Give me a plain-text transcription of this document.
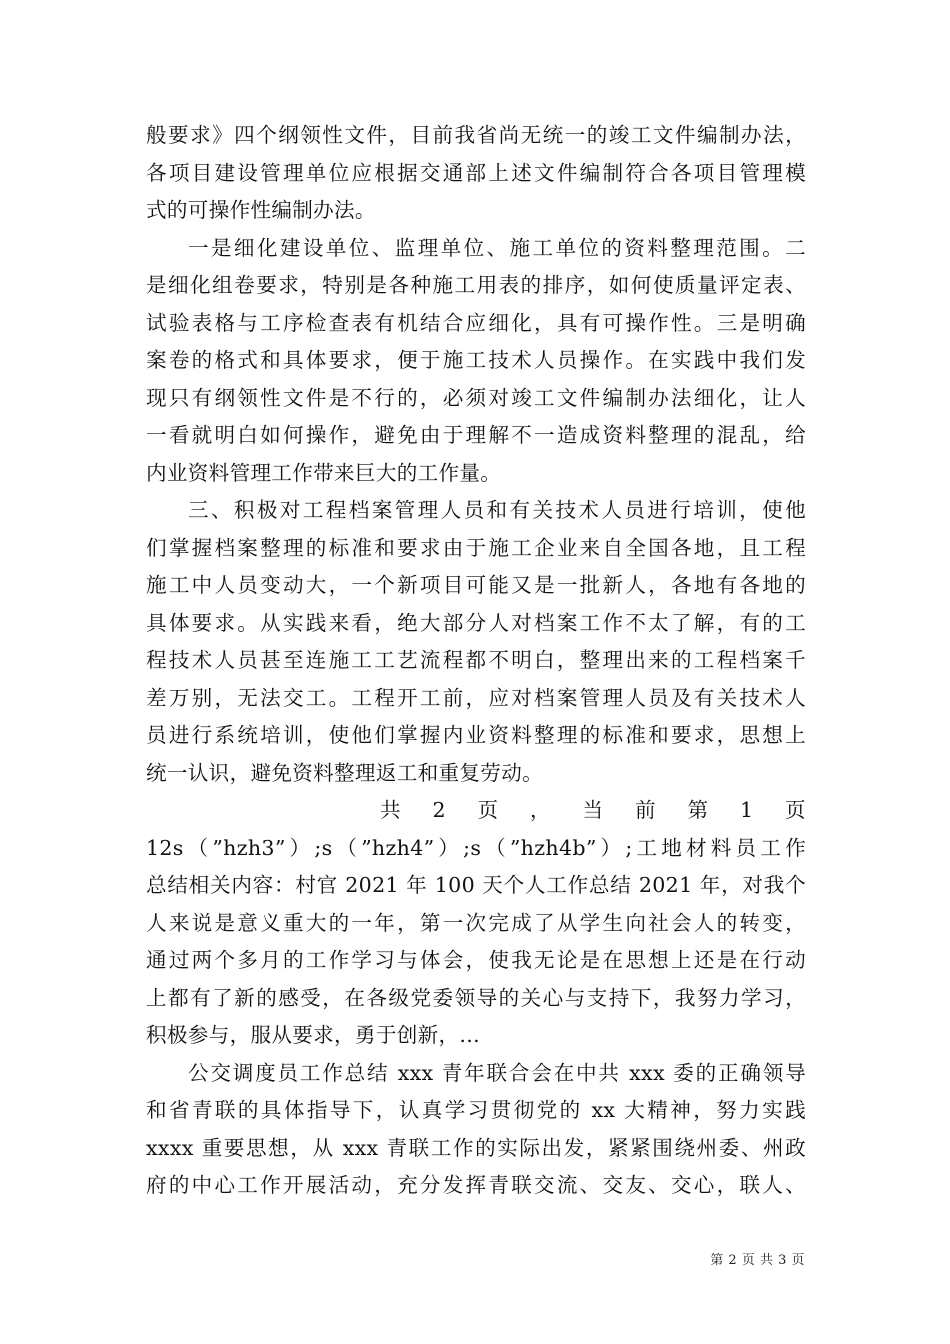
般要求》四个纲领性文件，目前我省尚无统一的竣工文件编制办法，
各项目建设管理单位应根据交通部上述文件编制符合各项目管理模
式的可操作性编制办法。
一是细化建设单位、监理单位、施工单位的资料整理范围。二
是细化组卷要求，特别是各种施工用表的排序，如何使质量评定表、
试验表格与工序检查表有机结合应细化，具有可操作性。三是明确
案卷的格式和具体要求，便于施工技术人员操作。在实践中我们发
现只有纲领性文件是不行的，必须对竣工文件编制办法细化，让人
一看就明白如何操作，避免由于理解不一造成资料整理的混乱，给
内业资料管理工作带来巨大的工作量。
三、积极对工程档案管理人员和有关技术人员进行培训，使他
们掌握档案整理的标准和要求由于施工企业来自全国各地，且工程
施工中人员变动大，一个新项目可能又是一批新人，各地有各地的
具体要求。从实践来看，绝大部分人对档案工作不太了解，有的工
程技术人员甚至连施工工艺流程都不明白，整理出来的工程档案千
差万别，无法交工。工程开工前，应对档案管理人员及有关技术人
员进行系统培训，使他们掌握内业资料整理的标准和要求，思想上
统一认识，避免资料整理返工和重复劳动。
共 2 页 ， 当 前 第 1 页
12s（”hzh3”）;s（”hzh4”）;s（”hzh4b”）;工地材料员工作
总结相关内容：村官 2021 年 100 天个人工作总结 2021 年，对我个
人来说是意义重大的一年，第一次完成了从学生向社会人的转变，
通过两个多月的工作学习与体会，使我无论是在思想上还是在行动
上都有了新的感受，在各级党委领导的关心与支持下，我努力学习，
积极参与，服从要求，勇于创新，...
公交调度员工作总结 xxx 青年联合会在中共 xxx 委的正确领导
和省青联的具体指导下，认真学习贯彻党的 xx 大精神，努力实践
xxxx 重要思想，从 xxx 青联工作的实际出发，紧紧围绕州委、州政
府的中心工作开展活动，充分发挥青联交流、交友、交心，联人、
第 2 页 共 3 页
